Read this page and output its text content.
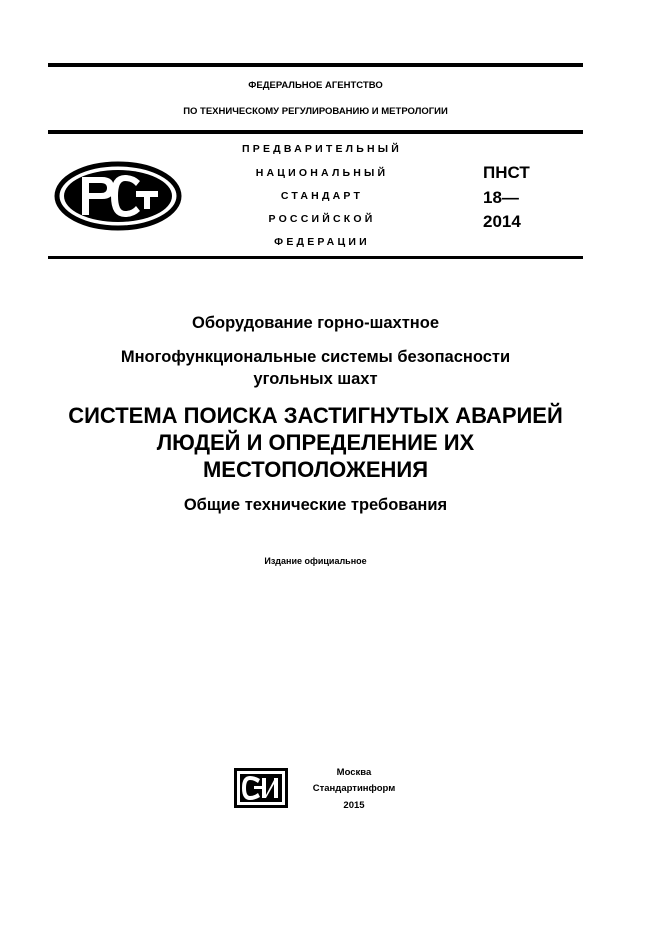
ФЕДЕРАЛЬНОЕ АГЕНТСТВО
ПО ТЕХНИЧЕСКОМУ РЕГУЛИРОВАНИЮ И МЕТРОЛОГИИ
ПРЕДВАРИТЕЛЬНЫЙ
НАЦИОНАЛЬНЫЙ
СТАНДАРТ
РОССИЙСКОЙ
ФЕДЕРАЦИИ
ПНСТ
18—
2014
Оборудование горно-шахтное
Многофункциональные системы безопасности
угольных шахт
СИСТЕМА ПОИСКА ЗАСТИГНУТЫХ АВАРИЕЙ
ЛЮДЕЙ И ОПРЕДЕЛЕНИЕ ИХ
МЕСТОПОЛОЖЕНИЯ
Общие технические требования
Издание официальное
Москва
Стандартинформ
2015
